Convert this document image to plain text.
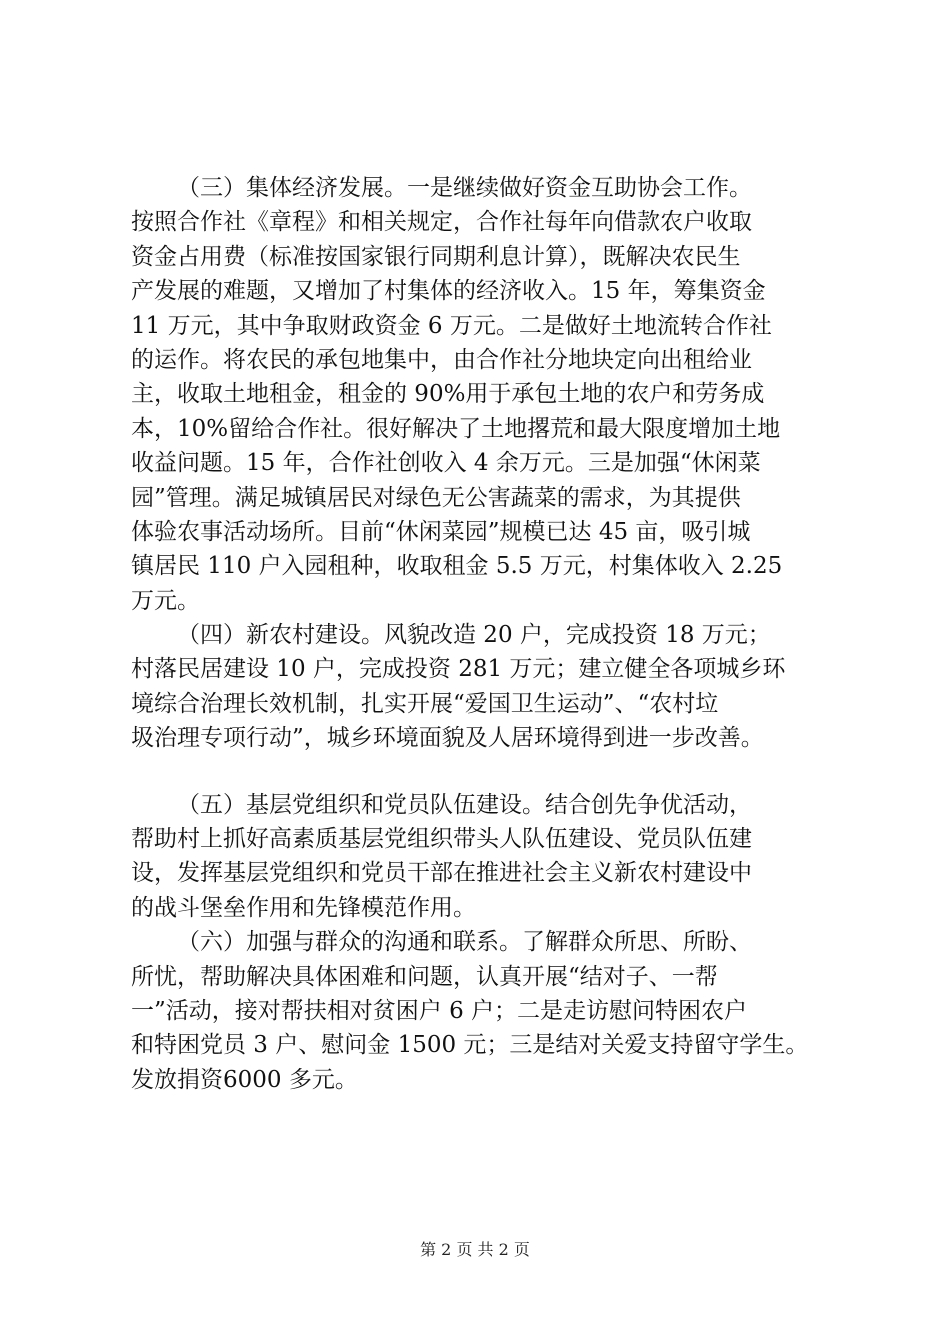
（三）集体经济发展。一是继续做好资金互助协会工作。
按照合作社《章程》和相关规定，合作社每年向借款农户收取
资金占用费（标准按国家银行同期利息计算），既解决农民生
产发展的难题，又增加了村集体的经济收入。15 年，筹集资金
11 万元，其中争取财政资金 6 万元。二是做好土地流转合作社
的运作。将农民的承包地集中，由合作社分地块定向出租给业
主，收取土地租金，租金的 90%用于承包土地的农户和劳务成
本，10%留给合作社。很好解决了土地撂荒和最大限度增加土地
收益问题。15 年，合作社创收入 4 余万元。三是加强“休闲菜
园”管理。满足城镇居民对绿色无公害蔬菜的需求，为其提供
体验农事活动场所。目前“休闲菜园”规模已达 45 亩，吸引城
镇居民 110 户入园租种，收取租金 5.5 万元，村集体收入 2.25
万元。
（四）新农村建设。风貌改造 20 户，完成投资 18 万元；
村落民居建设 10 户，完成投资 281 万元；建立健全各项城乡环
境综合治理长效机制，扎实开展“爱国卫生运动”、“农村垃
圾治理专项行动”，城乡环境面貌及人居环境得到进一步改善。
（五）基层党组织和党员队伍建设。结合创先争优活动，
帮助村上抓好高素质基层党组织带头人队伍建设、党员队伍建
设，发挥基层党组织和党员干部在推进社会主义新农村建设中
的战斗堡垒作用和先锋模范作用。
（六）加强与群众的沟通和联系。了解群众所思、所盼、
所忧，帮助解决具体困难和问题，认真开展“结对子、一帮
一”活动，接对帮扶相对贫困户 6 户；二是走访慰问特困农户
和特困党员 3 户、慰问金 1500 元；三是结对关爱支持留守学生。
发放捐资6000 多元。
第 2 页 共 2 页
